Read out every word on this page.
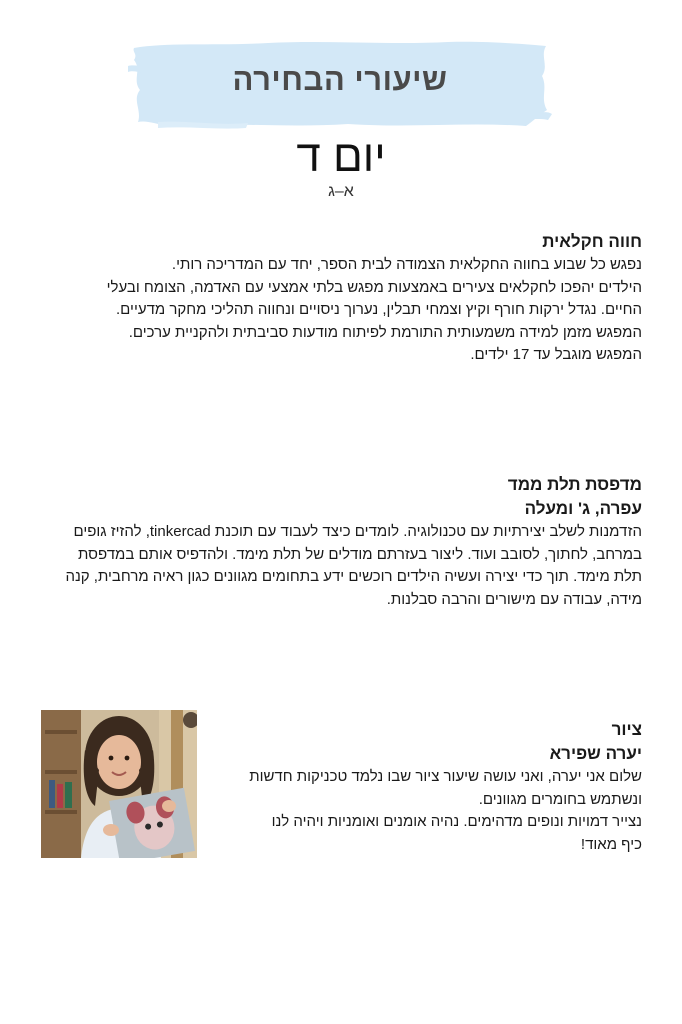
שיעורי הבחירה
יום ד
א–ג
חווה חקלאית
נפגש כל שבוע בחווה החקלאית הצמודה לבית הספר, יחד עם המדריכה רותי.
הילדים יהפכו לחקלאים צעירים באמצעות מפגש בלתי אמצעי עם האדמה, הצומח ובעלי
החיים. נגדל ירקות חורף וקיץ וצמחי תבלין, נערוך ניסויים ונחווה תהליכי מחקר מדעיים.
המפגש מזמן למידה משמעותית התורמת לפיתוח מודעות סביבתית ולהקניית ערכים.
המפגש מוגבל עד 17 ילדים.
מדפסת תלת ממד
עפרה, ג' ומעלה
הזדמנות לשלב יצירתיות עם טכנולוגיה. לומדים כיצד לעבוד עם תוכנת tinkercad, להזיז גופים
במרחב, לחתוך, לסובב ועוד. ליצור בעזרתם מודלים של תלת מימד. ולהדפיס אותם במדפסת
תלת מימד. תוך כדי יצירה ועשיה הילדים רוכשים ידע בתחומים מגוונים כגון ראיה מרחבית, קנה
מידה, עבודה עם מישורים והרבה סבלנות.
ציור
יערה שפירא
שלום אני יערה, ואני עושה שיעור ציור שבו נלמד טכניקות חדשות
ונשתמש בחומרים מגוונים.
נצייר דמויות ונופים מדהימים. נהיה אומנים ואומניות ויהיה לנו
כיף מאוד!
